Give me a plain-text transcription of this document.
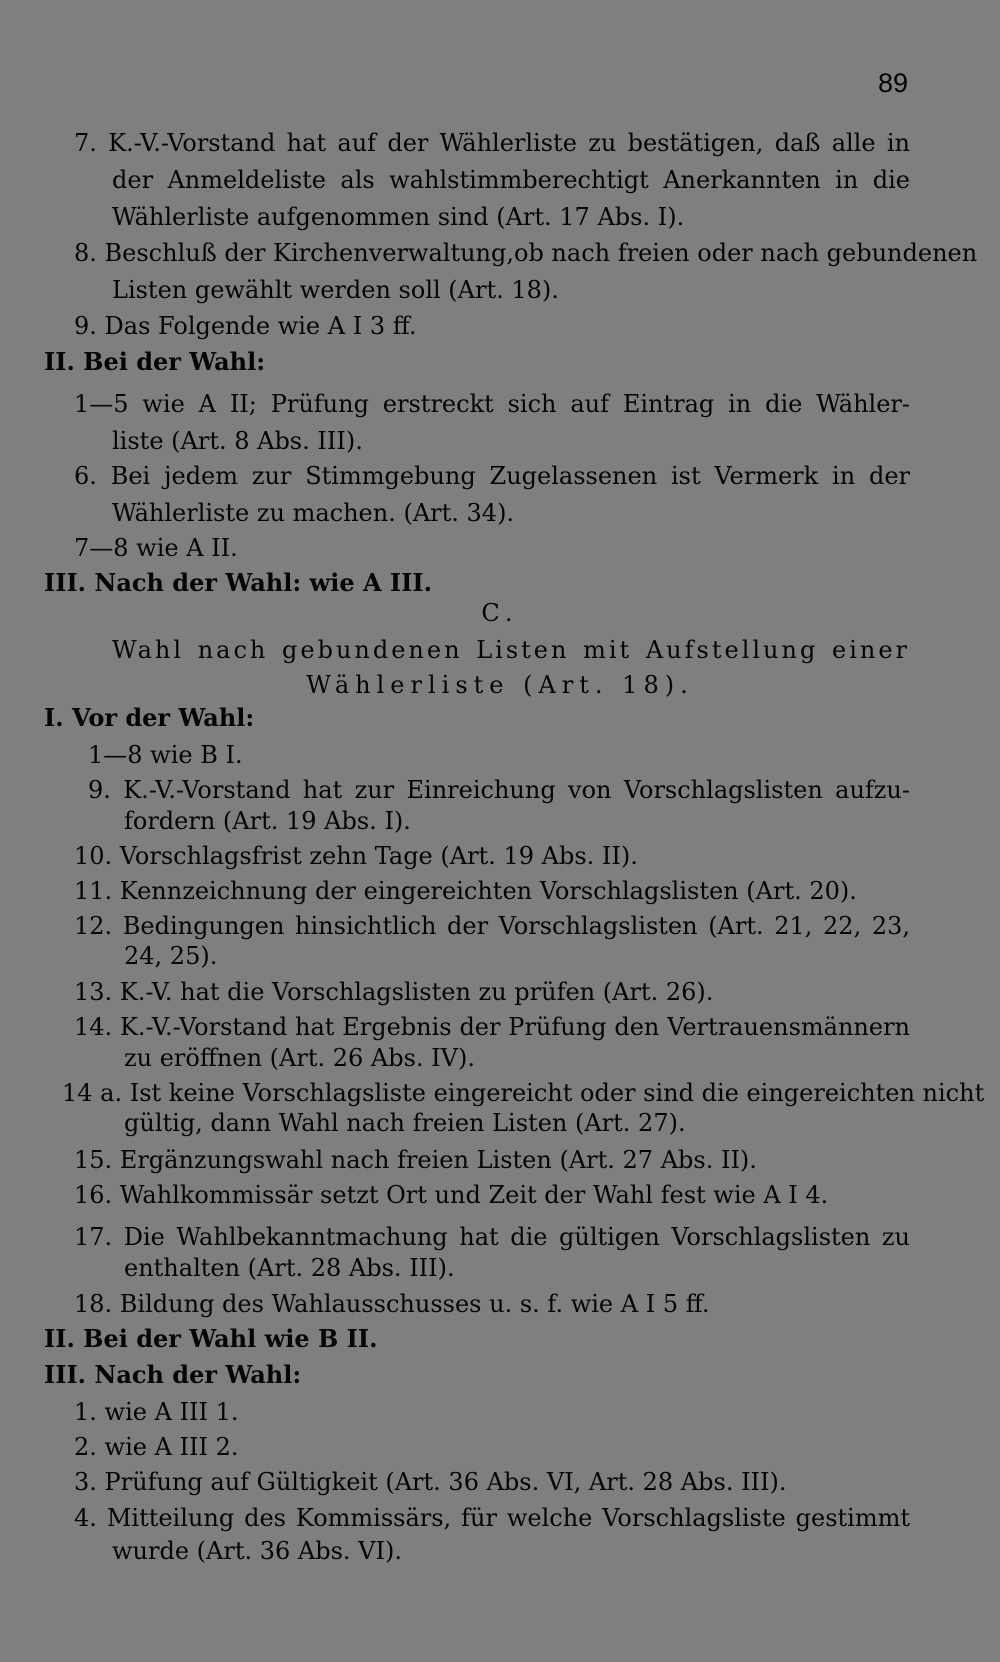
89
7. K.-V.-Vorstand hat auf der Wählerliste zu bestätigen, daß alle in
der Anmeldeliste als wahlstimmberechtigt Anerkannten in die
Wählerliste aufgenommen sind (Art. 17 Abs. I).
8. Beschluß der Kirchenverwaltung,ob nach freien oder nach gebundenen
Listen gewählt werden soll (Art. 18).
9. Das Folgende wie A I 3 ff.
II. Bei der Wahl:
1—5 wie A II; Prüfung erstreckt sich auf Eintrag in die Wähler-
liste (Art. 8 Abs. III).
6. Bei jedem zur Stimmgebung Zugelassenen ist Vermerk in der
Wählerliste zu machen. (Art. 34).
7—8 wie A II.
III. Nach der Wahl: wie A III.
C.
Wahl nach gebundenen Listen mit Aufstellung einer
Wählerliste (Art. 18).
I. Vor der Wahl:
1—8 wie B I.
9. K.-V.-Vorstand hat zur Einreichung von Vorschlagslisten aufzu-
fordern (Art. 19 Abs. I).
10. Vorschlagsfrist zehn Tage (Art. 19 Abs. II).
11. Kennzeichnung der eingereichten Vorschlagslisten (Art. 20).
12. Bedingungen hinsichtlich der Vorschlagslisten (Art. 21, 22, 23,
24, 25).
13. K.-V. hat die Vorschlagslisten zu prüfen (Art. 26).
14. K.-V.-Vorstand hat Ergebnis der Prüfung den Vertrauensmännern
zu eröffnen (Art. 26 Abs. IV).
14 a. Ist keine Vorschlagsliste eingereicht oder sind die eingereichten nicht
gültig, dann Wahl nach freien Listen (Art. 27).
15. Ergänzungswahl nach freien Listen (Art. 27 Abs. II).
16. Wahlkommissär setzt Ort und Zeit der Wahl fest wie A I 4.
17. Die Wahlbekanntmachung hat die gültigen Vorschlagslisten zu
enthalten (Art. 28 Abs. III).
18. Bildung des Wahlausschusses u. s. f. wie A I 5 ff.
II. Bei der Wahl wie B II.
III. Nach der Wahl:
1. wie A III 1.
2. wie A III 2.
3. Prüfung auf Gültigkeit (Art. 36 Abs. VI, Art. 28 Abs. III).
4. Mitteilung des Kommissärs, für welche Vorschlagsliste gestimmt
wurde (Art. 36 Abs. VI).
